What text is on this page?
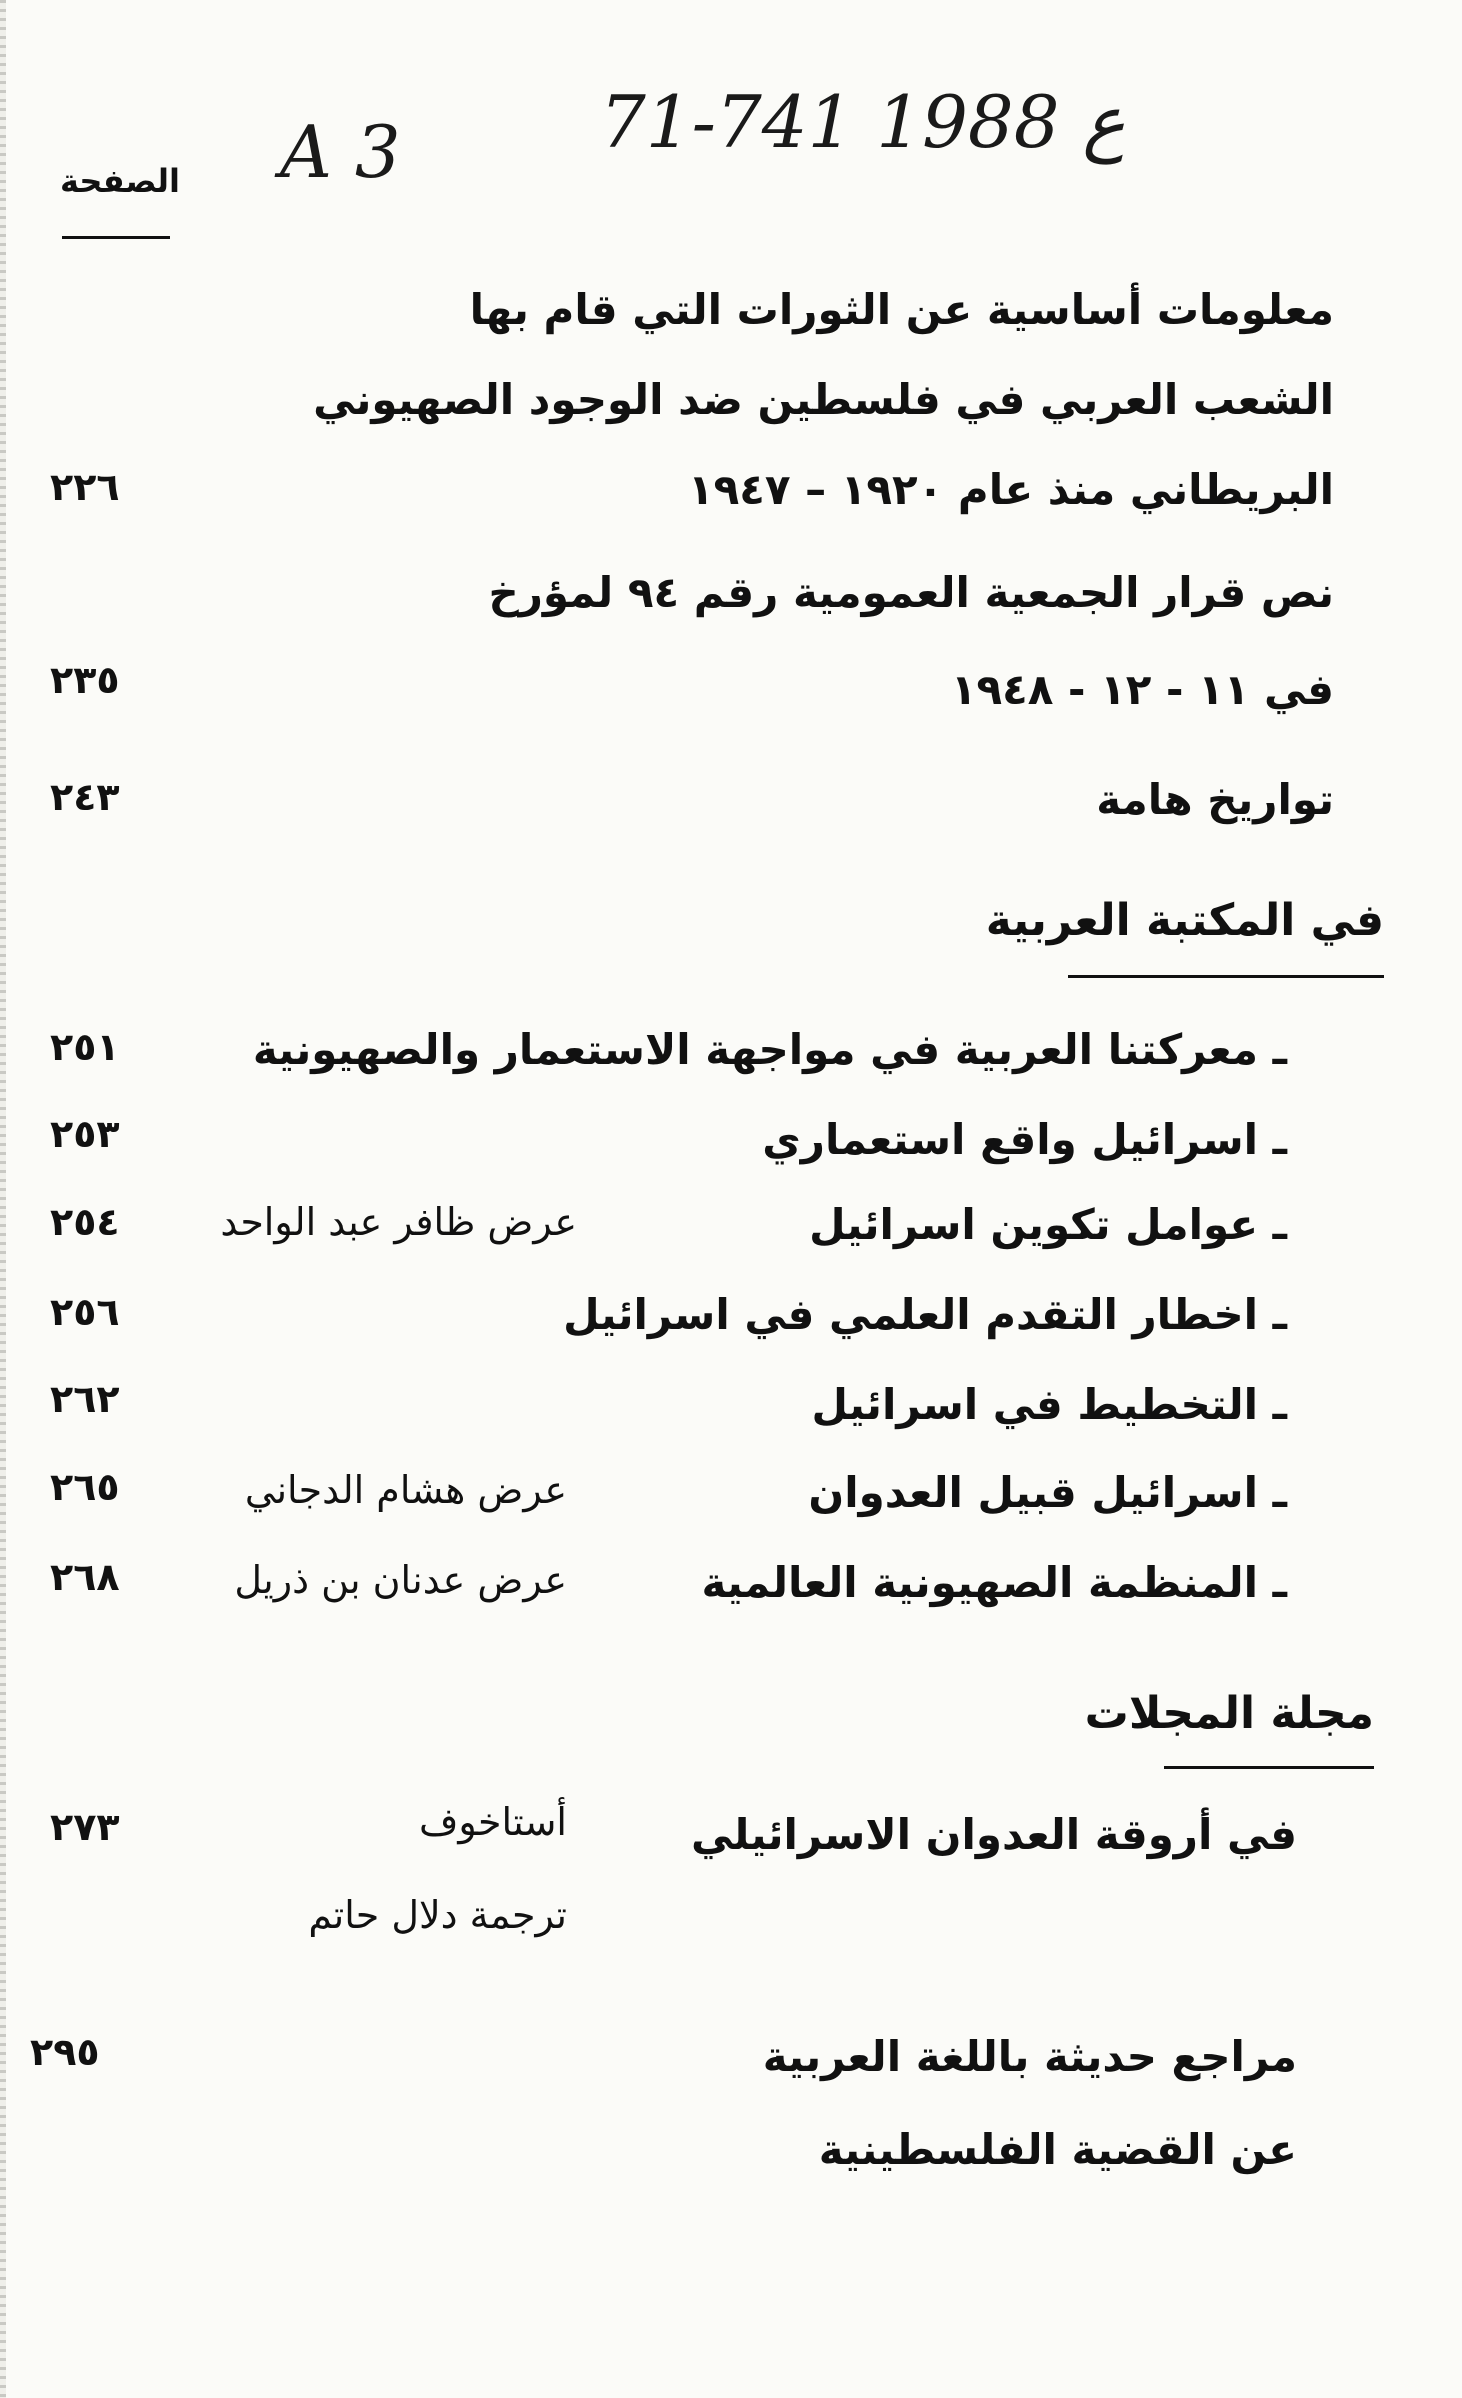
A 3	71-ع 1988 741
الصفحة
معلومات أساسية عن الثورات التي قام بها
الشعب العربي في فلسطين ضد الوجود الصهيوني
البريطاني منذ عام ١٩٢٠ – ١٩٤٧
٢٢٦
نص قرار الجمعية العمومية رقم ٩٤ لمؤرخ
في ١١ - ١٢ - ١٩٤٨
٢٣٥
تواريخ هامة
٢٤٣
في المكتبة العربية
ـ معركتنا العربية في مواجهة الاستعمار والصهيونية
٢٥١
ـ اسرائيل واقع استعماري
٢٥٣
ـ عوامل تكوين اسرائيل
عرض ظافر عبد الواحد
٢٥٤
ـ اخطار التقدم العلمي في اسرائيل
٢٥٦
ـ التخطيط في اسرائيل
٢٦٢
ـ اسرائيل قبيل العدوان
عرض هشام الدجاني
٢٦٥
ـ المنظمة الصهيونية العالمية
عرض عدنان بن ذريل
٢٦٨
مجلة المجلات
في أروقة العدوان الاسرائيلي
أستاخوف
ترجمة دلال حاتم
٢٧٣
مراجع حديثة باللغة العربية
عن القضية الفلسطينية
٢٩٥
